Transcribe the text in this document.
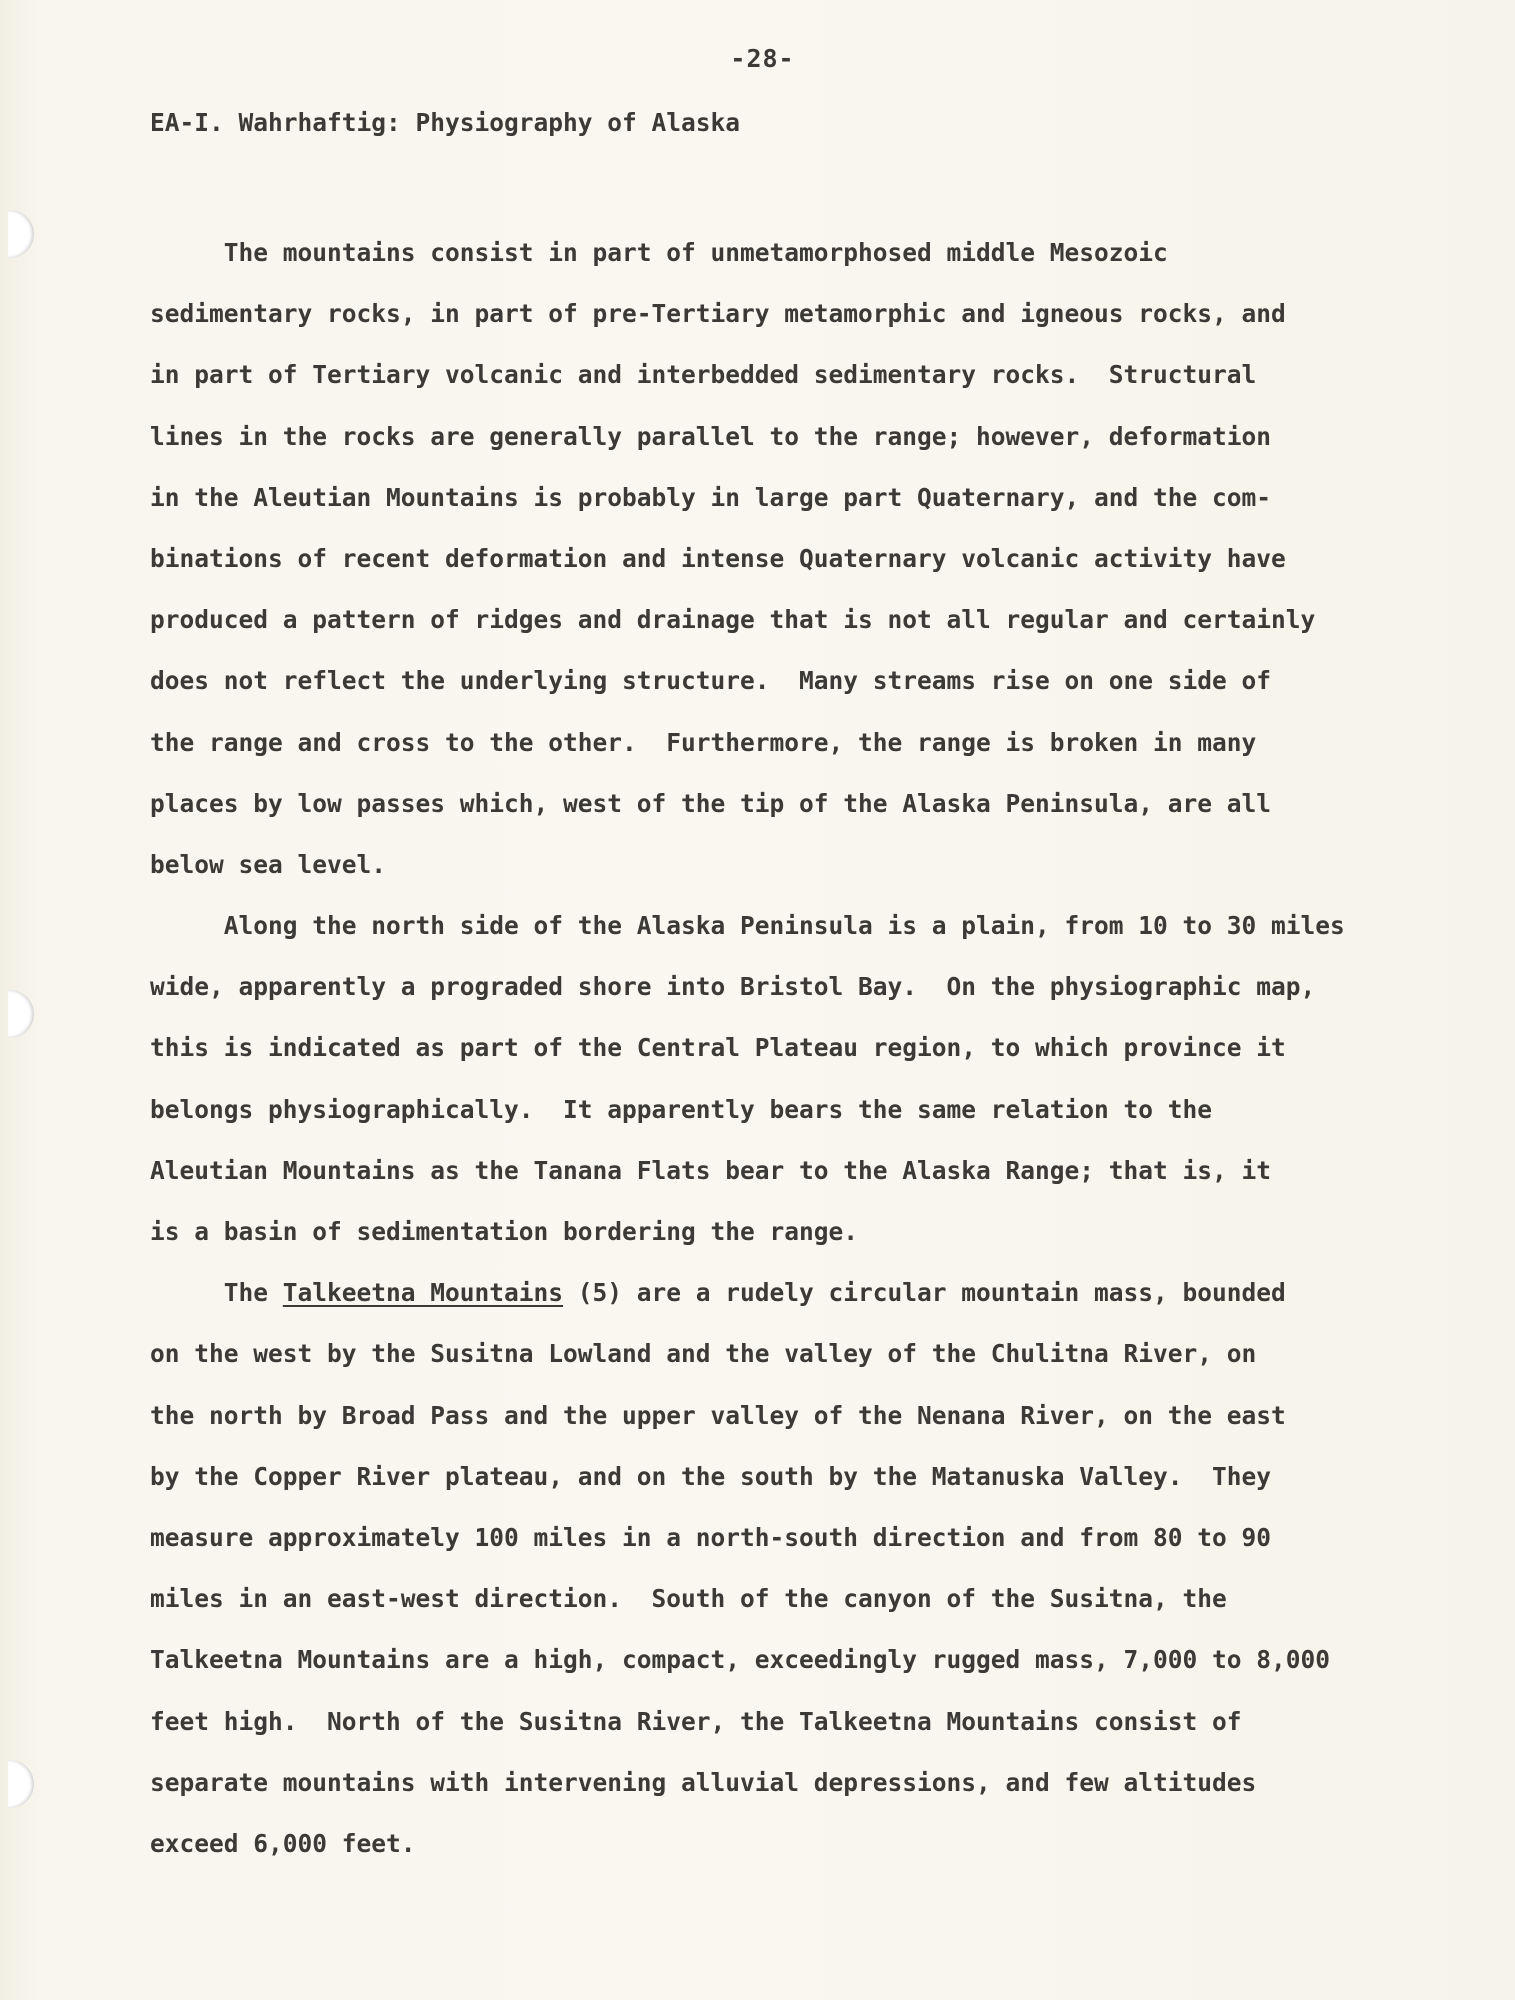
-28-
EA-I. Wahrhaftig: Physiography of Alaska
The mountains consist in part of unmetamorphosed middle Mesozoic
sedimentary rocks, in part of pre-Tertiary metamorphic and igneous rocks, and
in part of Tertiary volcanic and interbedded sedimentary rocks.  Structural
lines in the rocks are generally parallel to the range; however, deformation
in the Aleutian Mountains is probably in large part Quaternary, and the com-
binations of recent deformation and intense Quaternary volcanic activity have
produced a pattern of ridges and drainage that is not all regular and certainly
does not reflect the underlying structure.  Many streams rise on one side of
the range and cross to the other.  Furthermore, the range is broken in many
places by low passes which, west of the tip of the Alaska Peninsula, are all
below sea level.
Along the north side of the Alaska Peninsula is a plain, from 10 to 30 miles
wide, apparently a prograded shore into Bristol Bay.  On the physiographic map,
this is indicated as part of the Central Plateau region, to which province it
belongs physiographically.  It apparently bears the same relation to the
Aleutian Mountains as the Tanana Flats bear to the Alaska Range; that is, it
is a basin of sedimentation bordering the range.
The Talkeetna Mountains (5) are a rudely circular mountain mass, bounded
on the west by the Susitna Lowland and the valley of the Chulitna River, on
the north by Broad Pass and the upper valley of the Nenana River, on the east
by the Copper River plateau, and on the south by the Matanuska Valley.  They
measure approximately 100 miles in a north-south direction and from 80 to 90
miles in an east-west direction.  South of the canyon of the Susitna, the
Talkeetna Mountains are a high, compact, exceedingly rugged mass, 7,000 to 8,000
feet high.  North of the Susitna River, the Talkeetna Mountains consist of
separate mountains with intervening alluvial depressions, and few altitudes
exceed 6,000 feet.
